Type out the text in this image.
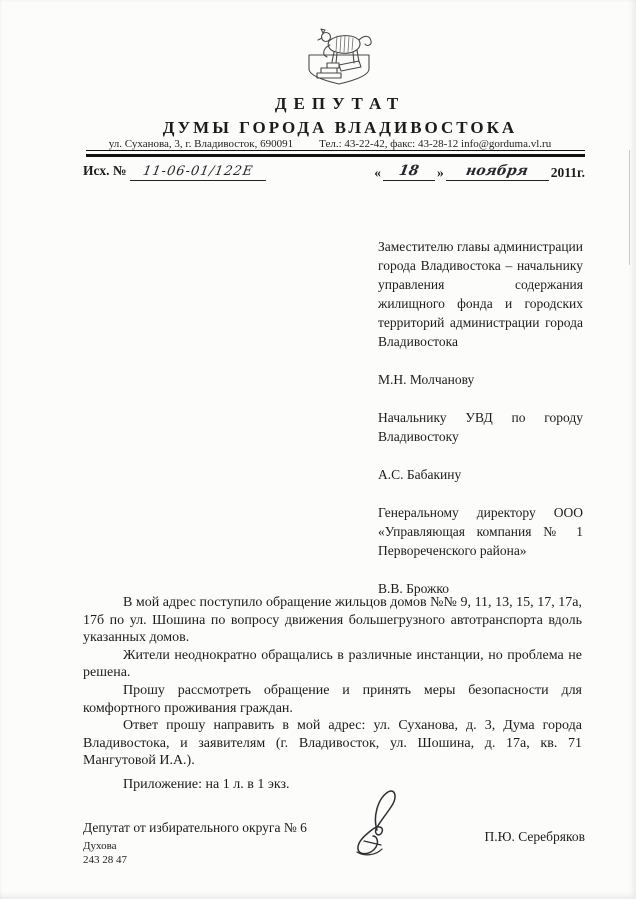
ДЕПУТАТ
ДУМЫ ГОРОДА ВЛАДИВОСТОКА
ул. Суханова, 3, г. Владивосток, 690091 Тел.: 43-22-42, факс: 43-28-12 info@gorduma.vl.ru
Исх. № 11-06-01/122Е	«	18	»	ноября	2011г.
Заместителю главы администрации города Владивостока – начальнику управления содержания жилищного фонда и городских территорий администрации города Владивостока
М.Н. Молчанову
Начальнику УВД по городу Владивостоку
А.С. Бабакину
Генеральному директору ООО «Управляющая компания № 1 Первореченского района»
В.В. Брожко

В мой адрес поступило обращение жильцов домов №№ 9, 11, 13, 15, 17, 17а, 17б по ул. Шошина по вопросу движения большегрузного автотранспорта вдоль указанных домов.

Жители неоднократно обращались в различные инстанции, но проблема не решена.

Прошу рассмотреть обращение и принять меры безопасности для комфортного проживания граждан.

Ответ прошу направить в мой адрес: ул. Суханова, д. 3, Дума города Владивостока, и заявителям (г. Владивосток, ул. Шошина, д. 17а, кв. 71 Мангутовой И.А.).

Приложение: на 1 л. в 1 экз.
Депутат от избирательного округа № 6
П.Ю. Серебряков
Духова
243 28 47
